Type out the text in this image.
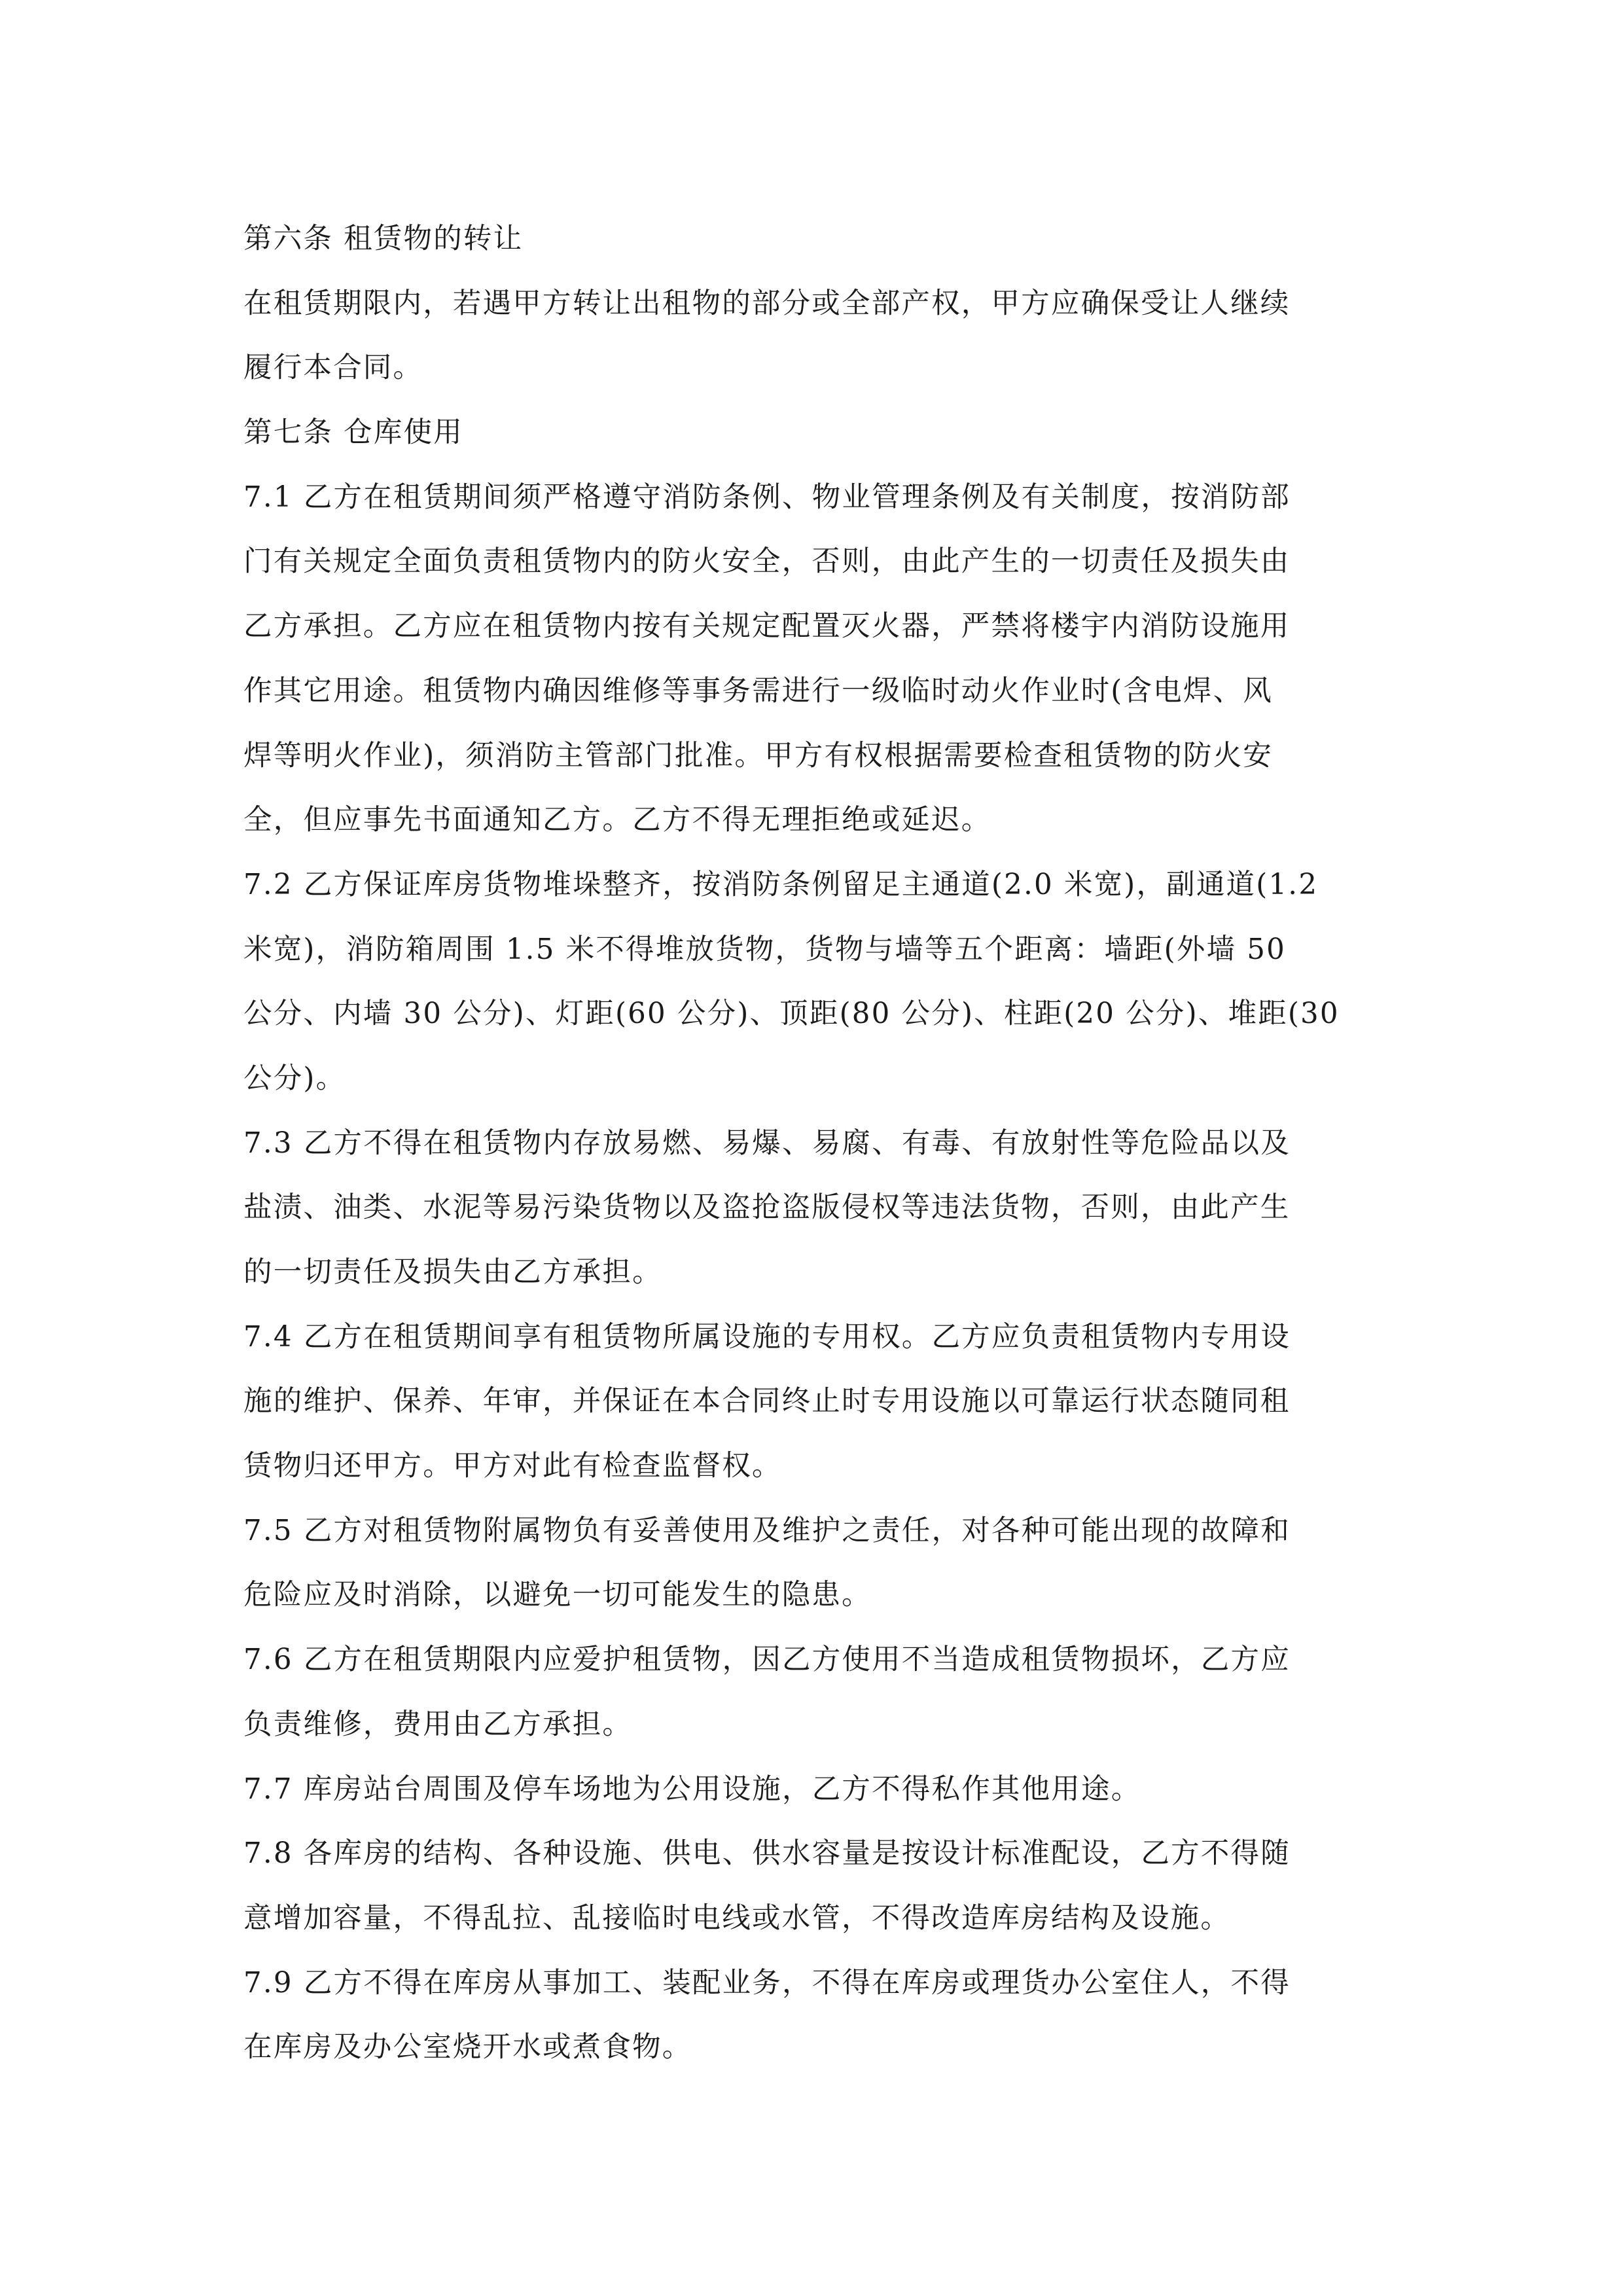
第六条 租赁物的转让
在租赁期限内，若遇甲方转让出租物的部分或全部产权，甲方应确保受让人继续
履行本合同。
第七条 仓库使用
7.1 乙方在租赁期间须严格遵守消防条例、物业管理条例及有关制度，按消防部
门有关规定全面负责租赁物内的防火安全，否则，由此产生的一切责任及损失由
乙方承担。乙方应在租赁物内按有关规定配置灭火器，严禁将楼宇内消防设施用
作其它用途。租赁物内确因维修等事务需进行一级临时动火作业时(含电焊、风
焊等明火作业)，须消防主管部门批准。甲方有权根据需要检查租赁物的防火安
全，但应事先书面通知乙方。乙方不得无理拒绝或延迟。
7.2 乙方保证库房货物堆垛整齐，按消防条例留足主通道(2.0 米宽)，副通道(1.2
米宽)，消防箱周围 1.5 米不得堆放货物，货物与墙等五个距离：墙距(外墙 50
公分、内墙 30 公分)、灯距(60 公分)、顶距(80 公分)、柱距(20 公分)、堆距(30
公分)。
7.3 乙方不得在租赁物内存放易燃、易爆、易腐、有毒、有放射性等危险品以及
盐渍、油类、水泥等易污染货物以及盗抢盗版侵权等违法货物，否则，由此产生
的一切责任及损失由乙方承担。
7.4 乙方在租赁期间享有租赁物所属设施的专用权。乙方应负责租赁物内专用设
施的维护、保养、年审，并保证在本合同终止时专用设施以可靠运行状态随同租
赁物归还甲方。甲方对此有检查监督权。
7.5 乙方对租赁物附属物负有妥善使用及维护之责任，对各种可能出现的故障和
危险应及时消除，以避免一切可能发生的隐患。
7.6 乙方在租赁期限内应爱护租赁物，因乙方使用不当造成租赁物损坏，乙方应
负责维修，费用由乙方承担。
7.7 库房站台周围及停车场地为公用设施，乙方不得私作其他用途。
7.8 各库房的结构、各种设施、供电、供水容量是按设计标准配设，乙方不得随
意增加容量，不得乱拉、乱接临时电线或水管，不得改造库房结构及设施。
7.9 乙方不得在库房从事加工、装配业务，不得在库房或理货办公室住人，不得
在库房及办公室烧开水或煮食物。
